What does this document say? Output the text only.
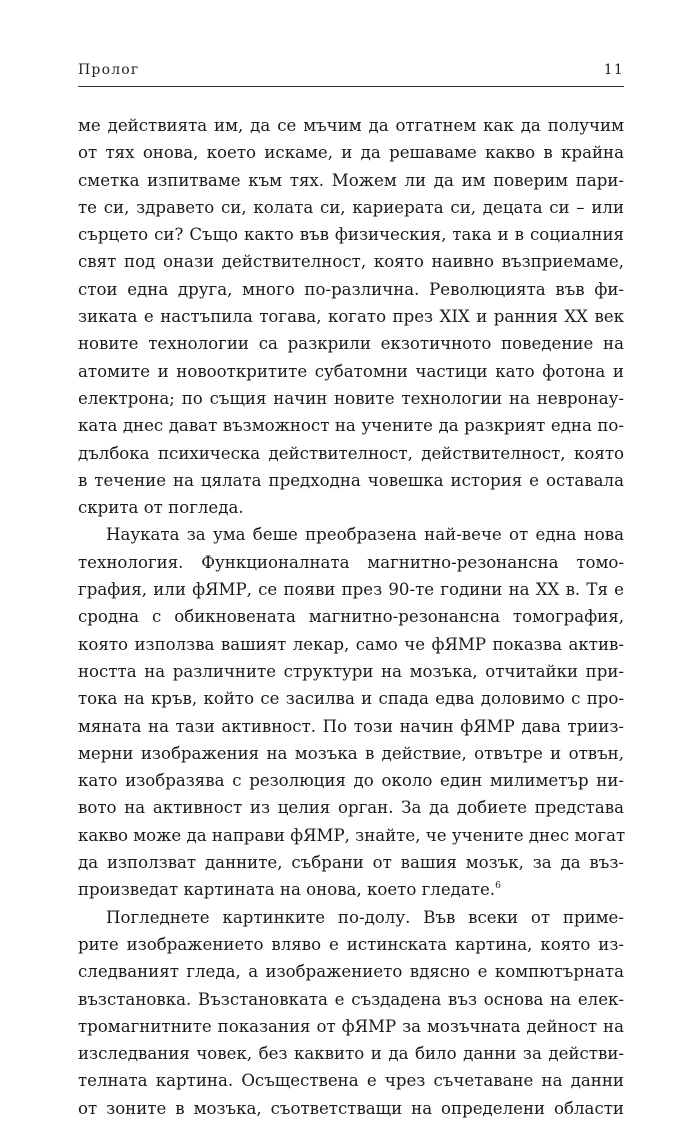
Пролог	11
ме действията им, да се мъчим да отгатнем как да получим
от тях онова, което искаме, и да решаваме какво в крайна
сметка изпитваме към тях. Можем ли да им поверим пари-
те си, здравето си, колата си, кариерата си, децата си – или
сърцето си? Също както във физическия, така и в социалния
свят под онази действителност, която наивно възприемаме,
стои една друга, много по-различна. Революцията във фи-
зиката е настъпила тогава, когато през XIX и ранния XX век
новите технологии са разкрили екзотичното поведение на
атомите и новооткритите субатомни частици като фотона и
електрона; по същия начин новите технологии на невронау-
ката днес дават възможност на учените да разкрият една по-
дълбока психическа действителност, действителност, която
в течение на цялата предходна човешка история е оставала
скрита от погледа.
Науката за ума беше преобразена най-вече от една нова
технология. Функционалната магнитно-резонансна томо-
графия, или фЯМР, се появи през 90-те години на XX в. Тя е
сродна с обикновената магнитно-резонансна томография,
която използва вашият лекар, само че фЯМР показва актив-
ността на различните структури на мозъка, отчитайки при-
тока на кръв, който се засилва и спада едва доловимо с про-
мяната на тази активност. По този начин фЯМР дава трииз-
мерни изображения на мозъка в действие, отвътре и отвън,
като изобразява с резолюция до около един милиметър ни-
вото на активност из целия орган. За да добиете представа
какво може да направи фЯМР, знайте, че учените днес могат
да използват данните, събрани от вашия мозък, за да въз-
произведат картината на онова, което гледате.$^6$
Погледнете картинките по-долу. Във всеки от приме-
рите изображението вляво е истинската картина, която из-
следваният гледа, а изображението вдясно е компютърната
възстановка. Възстановката е създадена въз основа на елек-
тромагнитните показания от фЯМР за мозъчната дейност на
изследвания човек, без каквито и да било данни за действи-
телната картина. Осъществена е чрез съчетаване на данни
от зоните в мозъка, съответстващи на определени области
